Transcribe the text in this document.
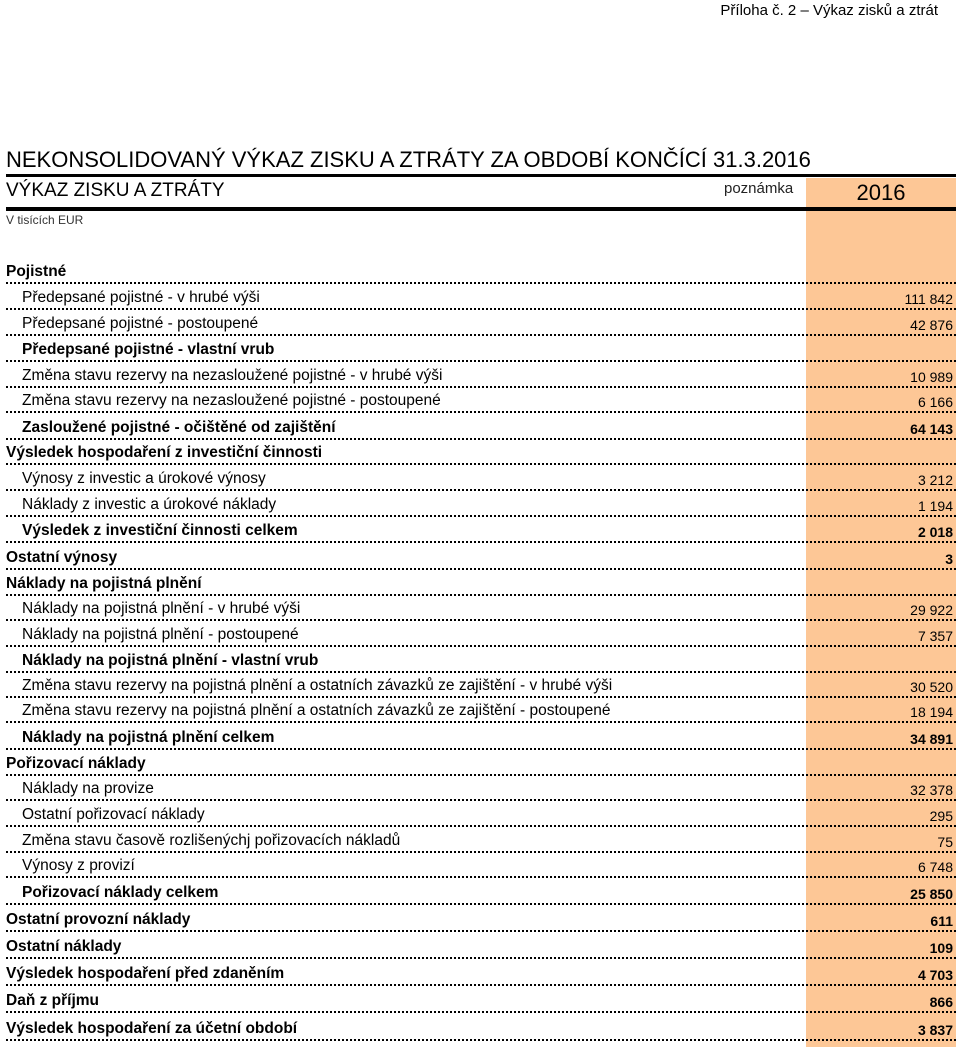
Příloha č. 2 – Výkaz zisků a ztrát
NEKONSOLIDOVANÝ VÝKAZ ZISKU A ZTRÁTY ZA OBDOBÍ KONČÍCÍ 31.3.2016
VÝKAZ ZISKU A ZTRÁTY	poznámka	2016
V tisících EUR
Pojistné
Předepsané pojistné - v hrubé výši	111 842
Předepsané pojistné - postoupené	42 876
Předepsané pojistné - vlastní vrub
Změna stavu rezervy na nezasloužené pojistné - v hrubé výši	10 989
Změna stavu rezervy na nezasloužené pojistné - postoupené	6 166
Zasloužené pojistné - očištěné od zajištění	64 143
Výsledek hospodaření z investiční činnosti
Výnosy z investic a úrokové výnosy	3 212
Náklady z investic a úrokové náklady	1 194
Výsledek z investiční činnosti celkem	2 018
Ostatní výnosy	3
Náklady na pojistná plnění
Náklady na pojistná plnění - v hrubé výši	29 922
Náklady na pojistná plnění - postoupené	7 357
Náklady na pojistná plnění - vlastní vrub
Změna stavu rezervy na pojistná plnění a ostatních závazků ze zajištění - v hrubé výši	30 520
Změna stavu rezervy na pojistná plnění a ostatních závazků ze zajištění - postoupené	18 194
Náklady na pojistná plnění celkem	34 891
Pořizovací náklady
Náklady na provize	32 378
Ostatní pořizovací náklady	295
Změna stavu časově rozlišenýchj pořizovacích nákladů	75
Výnosy z provizí	6 748
Pořizovací náklady celkem	25 850
Ostatní provozní náklady	611
Ostatní náklady	109
Výsledek hospodaření před zdaněním	4 703
Daň z příjmu	866
Výsledek hospodaření za účetní období	3 837
